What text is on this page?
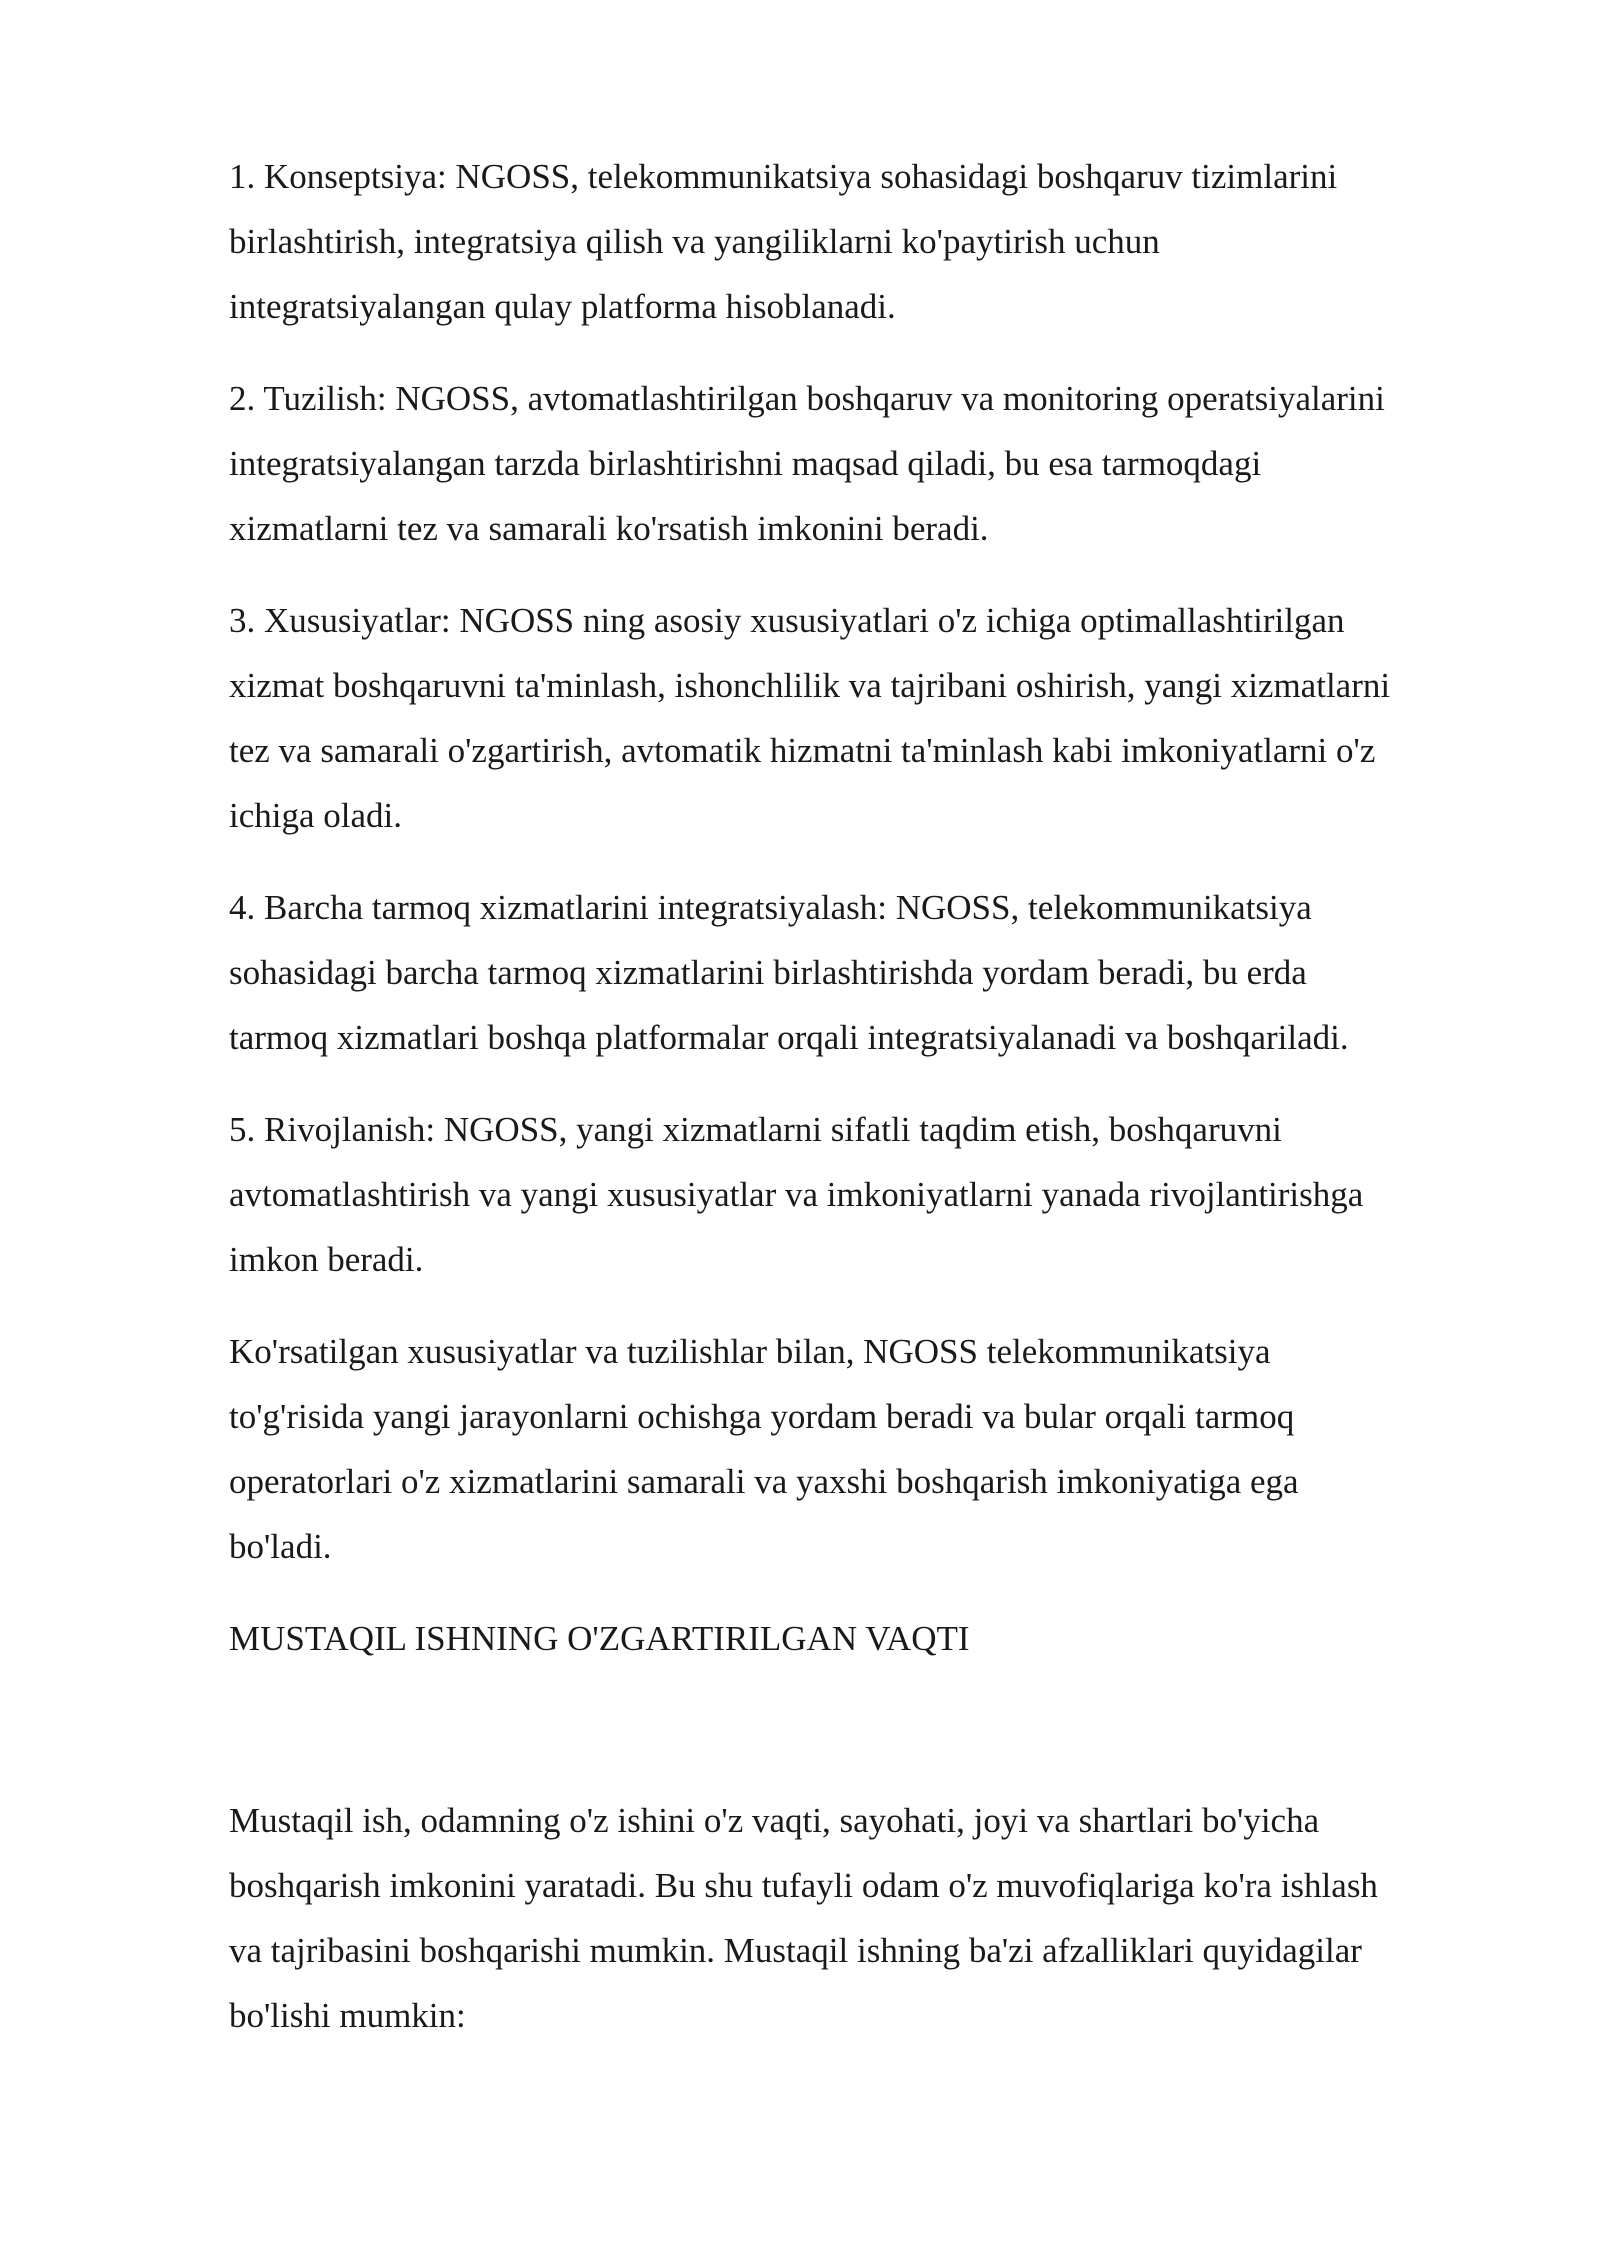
1. Konseptsiya: NGOSS, telekommunikatsiya sohasidagi boshqaruv tizimlarini
birlashtirish, integratsiya qilish va yangiliklarni ko'paytirish uchun
integratsiyalangan qulay platforma hisoblanadi.

2. Tuzilish: NGOSS, avtomatlashtirilgan boshqaruv va monitoring operatsiyalarini
integratsiyalangan tarzda birlashtirishni maqsad qiladi, bu esa tarmoqdagi
xizmatlarni tez va samarali ko'rsatish imkonini beradi.

3. Xususiyatlar: NGOSS ning asosiy xususiyatlari o'z ichiga optimallashtirilgan
xizmat boshqaruvni ta'minlash, ishonchlilik va tajribani oshirish, yangi xizmatlarni
tez va samarali o'zgartirish, avtomatik hizmatni ta'minlash kabi imkoniyatlarni o'z
ichiga oladi.

4. Barcha tarmoq xizmatlarini integratsiyalash: NGOSS, telekommunikatsiya
sohasidagi barcha tarmoq xizmatlarini birlashtirishda yordam beradi, bu erda
tarmoq xizmatlari boshqa platformalar orqali integratsiyalanadi va boshqariladi.

5. Rivojlanish: NGOSS, yangi xizmatlarni sifatli taqdim etish, boshqaruvni
avtomatlashtirish va yangi xususiyatlar va imkoniyatlarni yanada rivojlantirishga
imkon beradi.

Ko'rsatilgan xususiyatlar va tuzilishlar bilan, NGOSS telekommunikatsiya
to'g'risida yangi jarayonlarni ochishga yordam beradi va bular orqali tarmoq
operatorlari o'z xizmatlarini samarali va yaxshi boshqarish imkoniyatiga ega
bo'ladi.

MUSTAQIL ISHNING O'ZGARTIRILGAN VAQTI

Mustaqil ish, odamning o'z ishini o'z vaqti, sayohati, joyi va shartlari bo'yicha
boshqarish imkonini yaratadi. Bu shu tufayli odam o'z muvofiqlariga ko'ra ishlash
va tajribasini boshqarishi mumkin. Mustaqil ishning ba'zi afzalliklari quyidagilar
bo'lishi mumkin:
